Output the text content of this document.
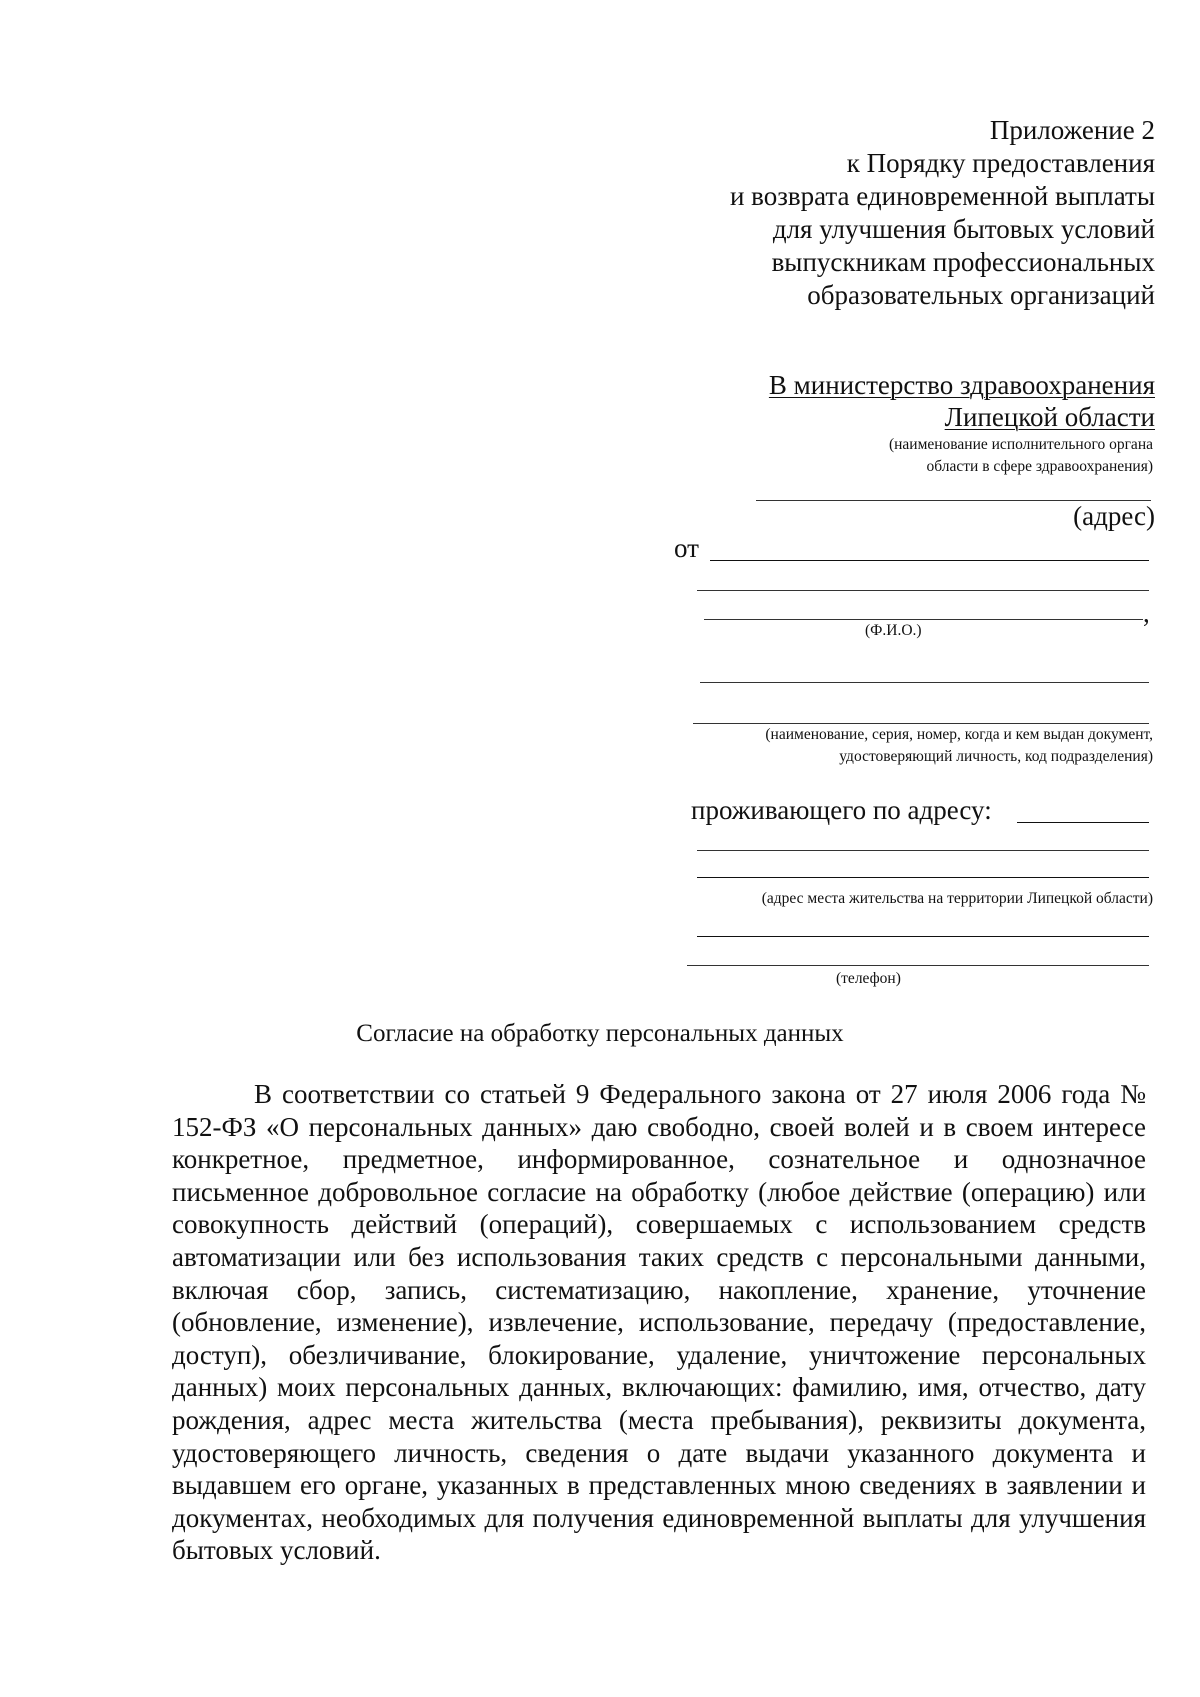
Приложение 2
к Порядку предоставления
и возврата единовременной выплаты
для улучшения бытовых условий
выпускникам профессиональных
образовательных организаций
В министерство здравоохранения
Липецкой области
(наименование исполнительного органа
области в сфере здравоохранения)
(адрес)
от
,
(Ф.И.О.)
(наименование, серия, номер, когда и кем выдан документ,
удостоверяющий личность, код подразделения)
проживающего по адресу:
(адрес места жительства на территории Липецкой области)
(телефон)
Согласие на обработку персональных данных

В соответствии со статьей 9 Федерального закона от 27 июля 2006 года № 152-ФЗ «О персональных данных» даю свободно, своей волей и в своем интересе конкретное, предметное, информированное, сознательное и однозначное письменное добровольное согласие на обработку (любое действие (операцию) или совокупность действий (операций), совершаемых с использованием средств автоматизации или без использования таких средств с персональными данными, включая сбор, запись, систематизацию, накопление, хранение, уточнение (обновление, изменение), извлечение, использование, передачу (предоставление, доступ), обезличивание, блокирование, удаление, уничтожение персональных данных) моих персональных данных, включающих: фамилию, имя, отчество, дату рождения, адрес места жительства (места пребывания), реквизиты документа, удостоверяющего личность, сведения о дате выдачи указанного документа и выдавшем его органе, указанных в представленных мною сведениях в заявлении и документах, необходимых для получения единовременной выплаты для улучшения бытовых условий.
